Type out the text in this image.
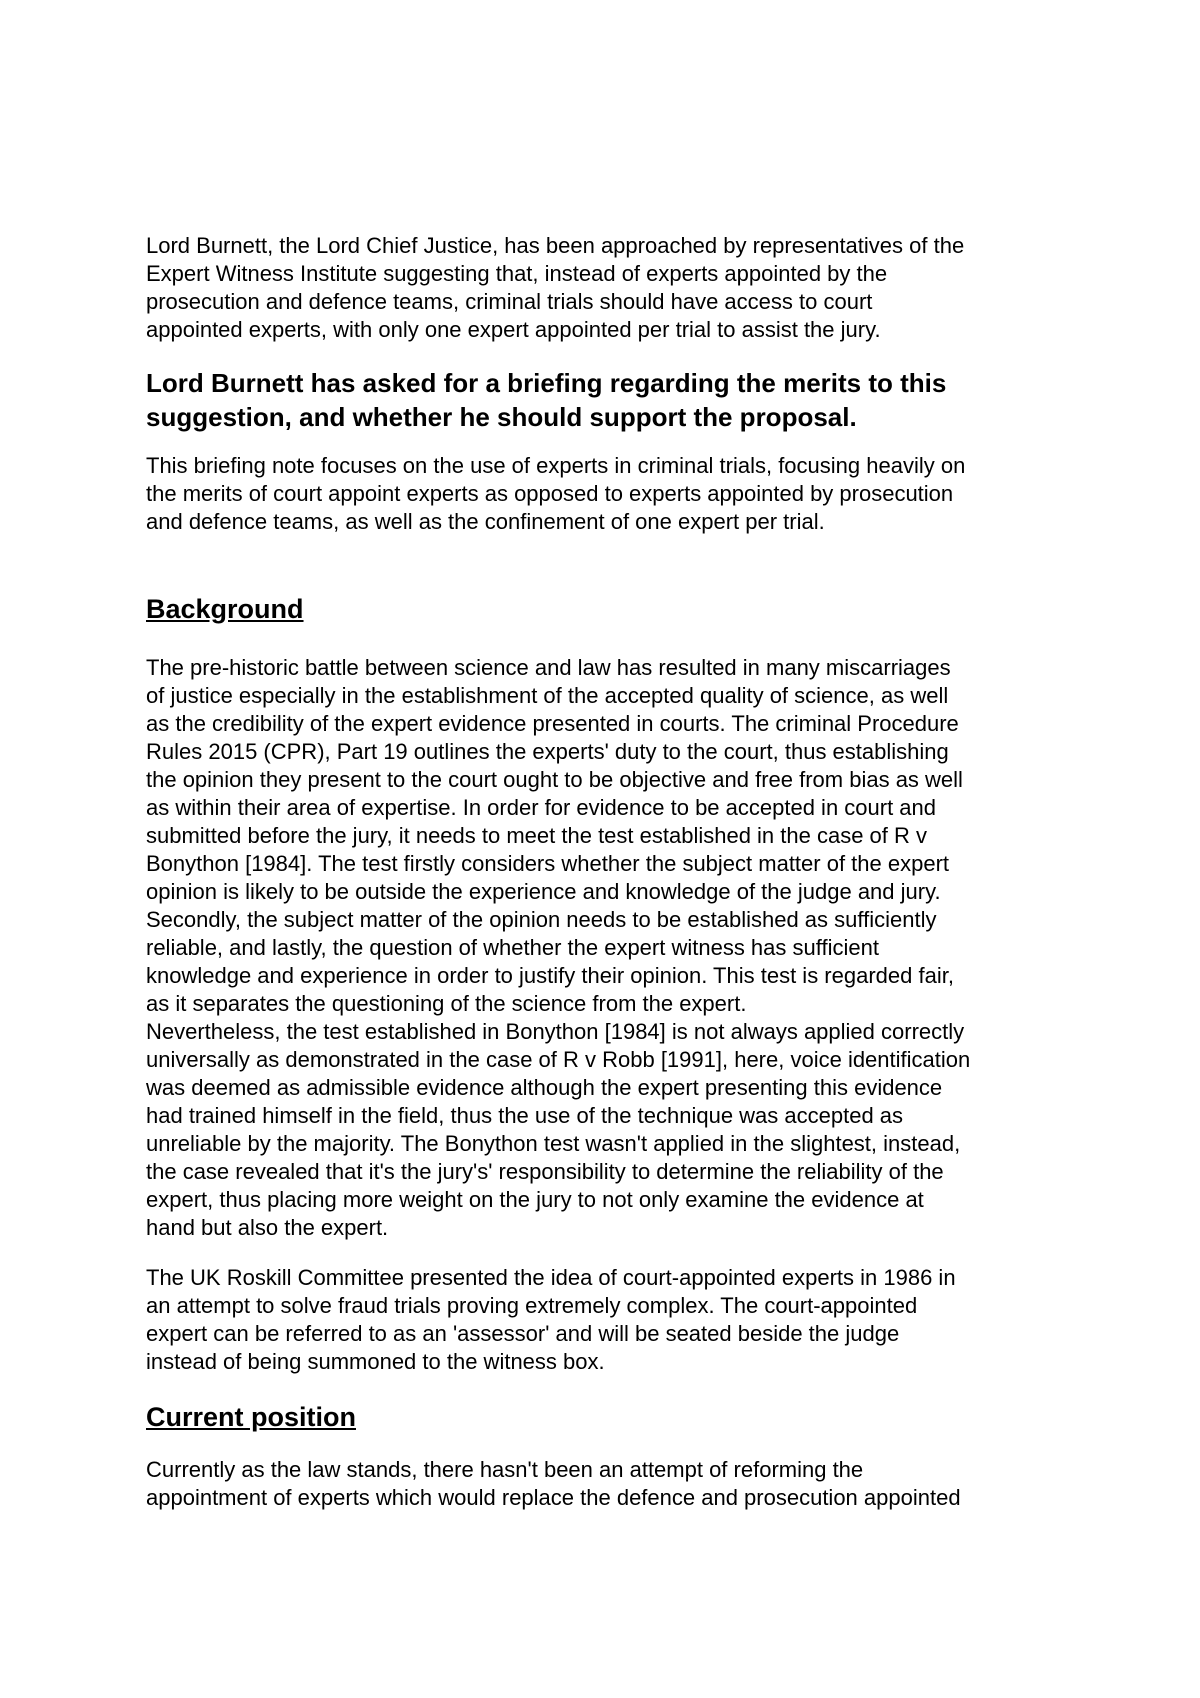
Lord Burnett, the Lord Chief Justice, has been approached by representatives of the
Expert Witness Institute suggesting that, instead of experts appointed by the
prosecution and defence teams, criminal trials should have access to court
appointed experts, with only one expert appointed per trial to assist the jury.
Lord Burnett has asked for a briefing regarding the merits to this
suggestion, and whether he should support the proposal.
This briefing note focuses on the use of experts in criminal trials, focusing heavily on
the merits of court appoint experts as opposed to experts appointed by prosecution
and defence teams, as well as the confinement of one expert per trial.
Background
The pre-historic battle between science and law has resulted in many miscarriages
of justice especially in the establishment of the accepted quality of science, as well
as the credibility of the expert evidence presented in courts. The criminal Procedure
Rules 2015 (CPR), Part 19 outlines the experts' duty to the court, thus establishing
the opinion they present to the court ought to be objective and free from bias as well
as within their area of expertise. In order for evidence to be accepted in court and
submitted before the jury, it needs to meet the test established in the case of R v
Bonython [1984]. The test firstly considers whether the subject matter of the expert
opinion is likely to be outside the experience and knowledge of the judge and jury.
Secondly, the subject matter of the opinion needs to be established as sufficiently
reliable, and lastly, the question of whether the expert witness has sufficient
knowledge and experience in order to justify their opinion. This test is regarded fair,
as it separates the questioning of the science from the expert.
Nevertheless, the test established in Bonython [1984] is not always applied correctly
universally as demonstrated in the case of R v Robb [1991], here, voice identification
was deemed as admissible evidence although the expert presenting this evidence
had trained himself in the field, thus the use of the technique was accepted as
unreliable by the majority. The Bonython test wasn't applied in the slightest, instead,
the case revealed that it's the jury's' responsibility to determine the reliability of the
expert, thus placing more weight on the jury to not only examine the evidence at
hand but also the expert.
The UK Roskill Committee presented the idea of court-appointed experts in 1986 in
an attempt to solve fraud trials proving extremely complex. The court-appointed
expert can be referred to as an 'assessor' and will be seated beside the judge
instead of being summoned to the witness box.
Current position
Currently as the law stands, there hasn't been an attempt of reforming the
appointment of experts which would replace the defence and prosecution appointed
